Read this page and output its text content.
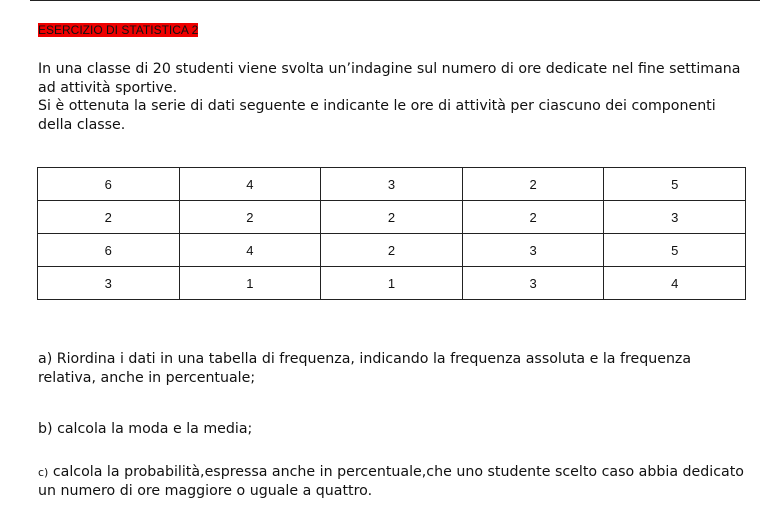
ESERCIZIO DI STATISTICA 2

In una classe di 20 studenti viene svolta un’indagine sul numero di ore dedicate nel fine settimana ad attività sportive.

Si è ottenuta la serie di dati seguente e indicante le ore di attività per ciascuno dei componenti della classe.

6	4	3	2	5
2	2	2	2	3
6	4	2	3	5
3	1	1	3	4
a) Riordina i dati in una tabella di frequenza, indicando la frequenza assoluta e la frequenza relativa, anche in percentuale;
b) calcola la moda e la media;
c) calcola la probabilità,espressa anche in percentuale,che uno studente scelto caso abbia dedicato un numero di ore maggiore o uguale a quattro.
